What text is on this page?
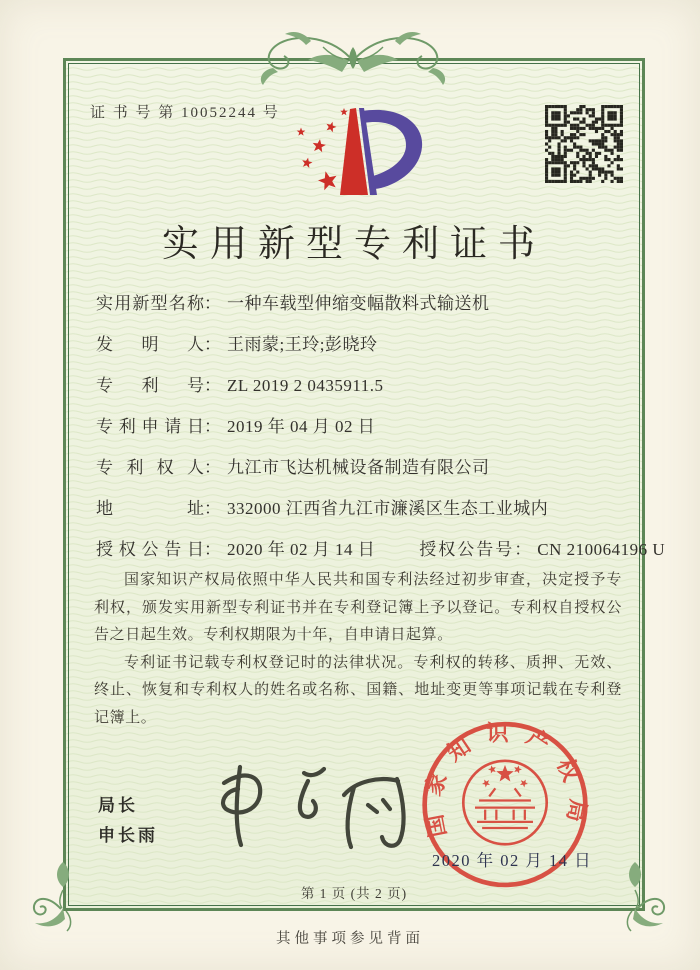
证 书 号 第 10052244 号
实用新型专利证书
实用新型名称： 一种车载型伸缩变幅散料式输送机
发明人： 王雨蒙;王玲;彭晓玲
专利号： ZL 2019 2 0435911.5
专利申请日： 2019 年 04 月 02 日
专利权人： 九江市飞达机械设备制造有限公司
地址： 332000 江西省九江市濂溪区生态工业城内
授权公告日： 2020 年 02 月 14 日	授权公告号： CN 210064196 U

国家知识产权局依照中华人民共和国专利法经过初步审查，决定授予专利权，颁发实用新型专利证书并在专利登记簿上予以登记。专利权自授权公告之日起生效。专利权期限为十年，自申请日起算。

专利证书记载专利权登记时的法律状况。专利权的转移、质押、无效、终止、恢复和专利权人的姓名或名称、国籍、地址变更等事项记载在专利登记簿上。

局长
申长雨	国家知识产权局
2020 年 02 月 14 日
第 1 页 (共 2 页)
其他事项参见背面
